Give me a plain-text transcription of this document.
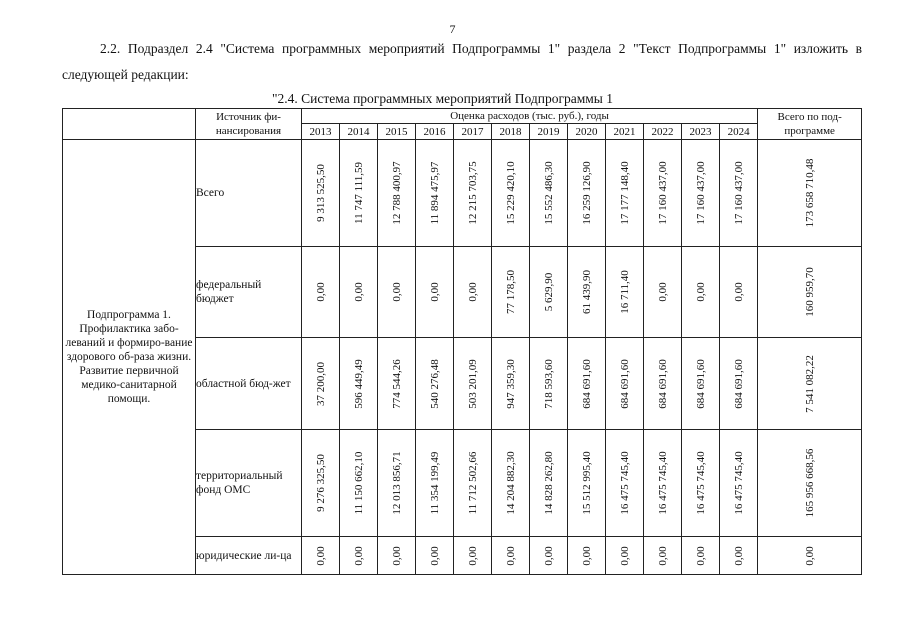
7
2.2. Подраздел 2.4 "Система программных мероприятий Подпрограммы 1" раздела 2 "Текст Подпрограммы 1" изложить в следующей редакции:
"2.4. Система программных мероприятий Подпрограммы 1
	Источник фи-нансирования	Оценка расходов (тыс. руб.), годы												Всего по под-программе
		2013	2014	2015	2016	2017	2018	2019	2020	2021	2022	2023	2024	
Подпрограмма 1. Профилактика забо-леваний и формиро-вание здорового об-раза жизни. Развитие первичной медико-санитарной помощи.	Всего	9 313 525,50	11 747 111,59	12 788 400,97	11 894 475,97	12 215 703,75	15 229 420,10	15 552 486,30	16 259 126,90	17 177 148,40	17 160 437,00	17 160 437,00	17 160 437,00	173 658 710,48

	федеральный бюджет	0,00	0,00	0,00	0,00	0,00	77 178,50	5 629,90	61 439,90	16 711,40	0,00	0,00	0,00	160 959,70

	областной бюд-жет	37 200,00	596 449,49	774 544,26	540 276,48	503 201,09	947 359,30	718 593,60	684 691,60	684 691,60	684 691,60	684 691,60	684 691,60	7 541 082,22

	территориальный фонд ОМС	9 276 325,50	11 150 662,10	12 013 856,71	11 354 199,49	11 712 502,66	14 204 882,30	14 828 262,80	15 512 995,40	16 475 745,40	16 475 745,40	16 475 745,40	16 475 745,40	165 956 668,56

	юридические ли-ца	0,00	0,00	0,00	0,00	0,00	0,00	0,00	0,00	0,00	0,00	0,00	0,00	0,00
